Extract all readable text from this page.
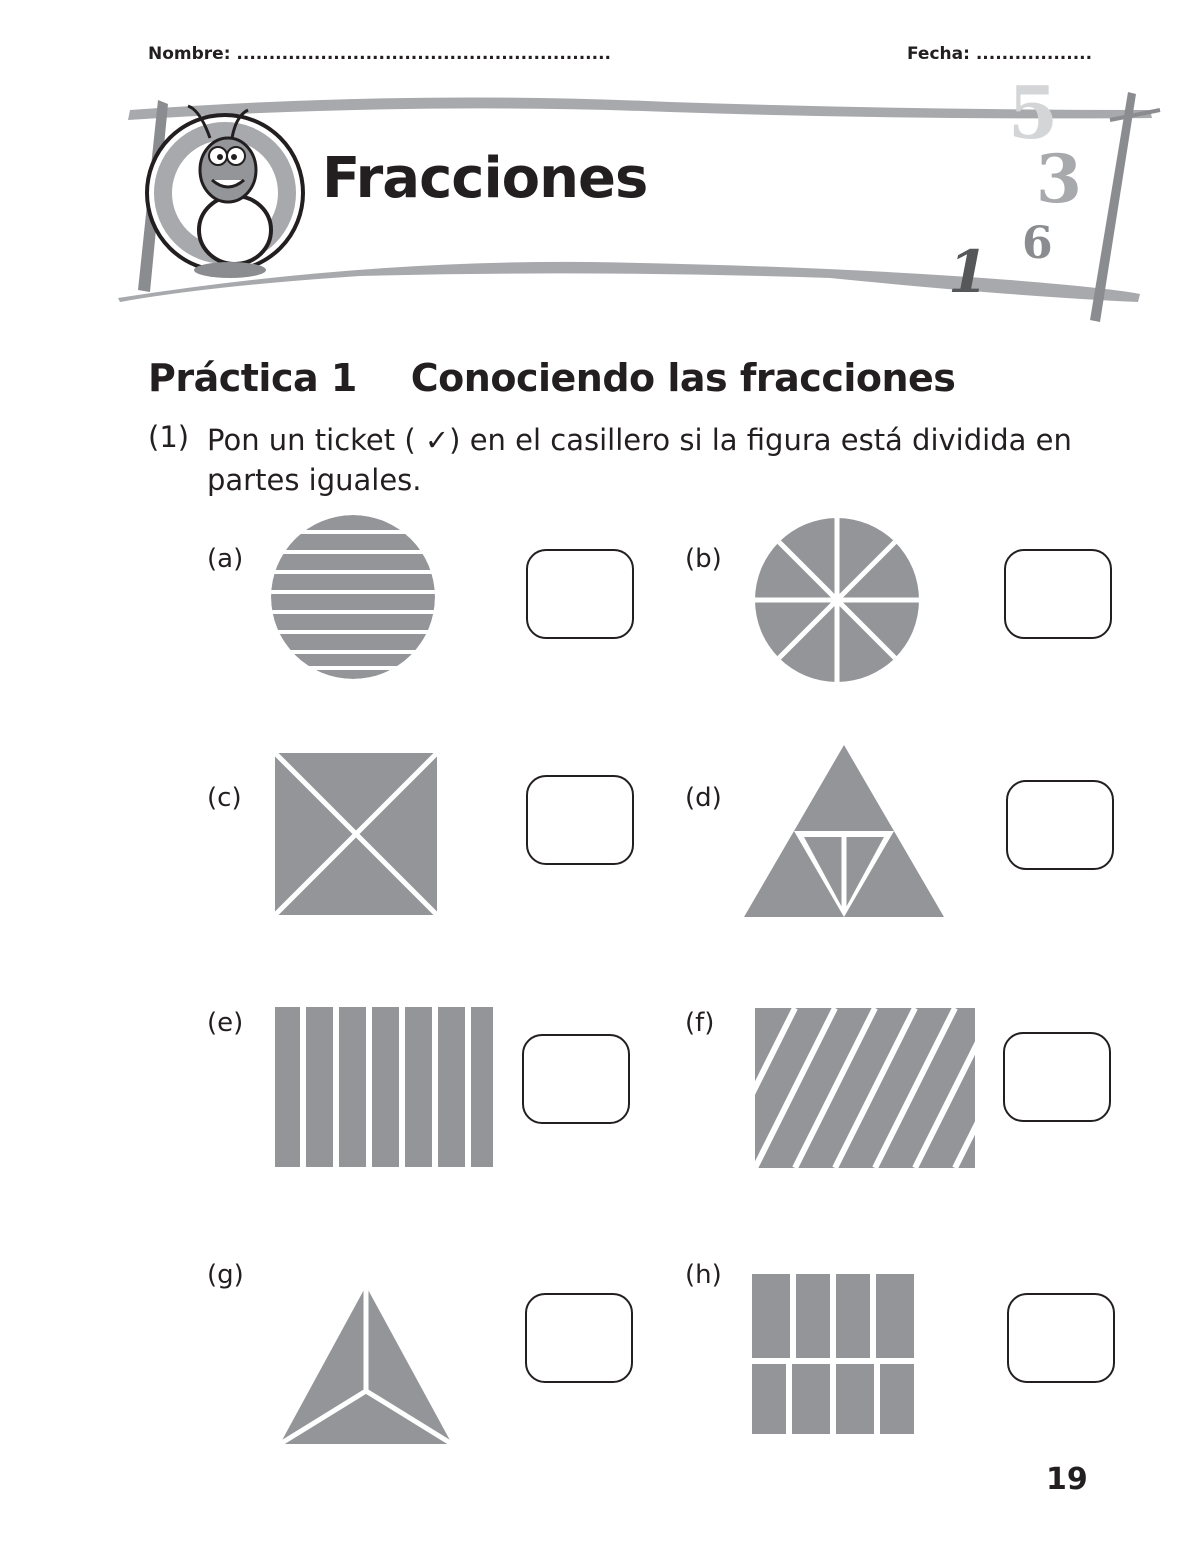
Nombre: ..........................................................	Fecha: ..................
Fracciones
5
3
6
1
Práctica 1 Conociendo las fracciones
(1) Pon un ticket ( ✓) en el casillero si la figura está dividida en partes iguales.
(a)	(b)
(c)	(d)
(e)	(f)
(g)	(h)
19
